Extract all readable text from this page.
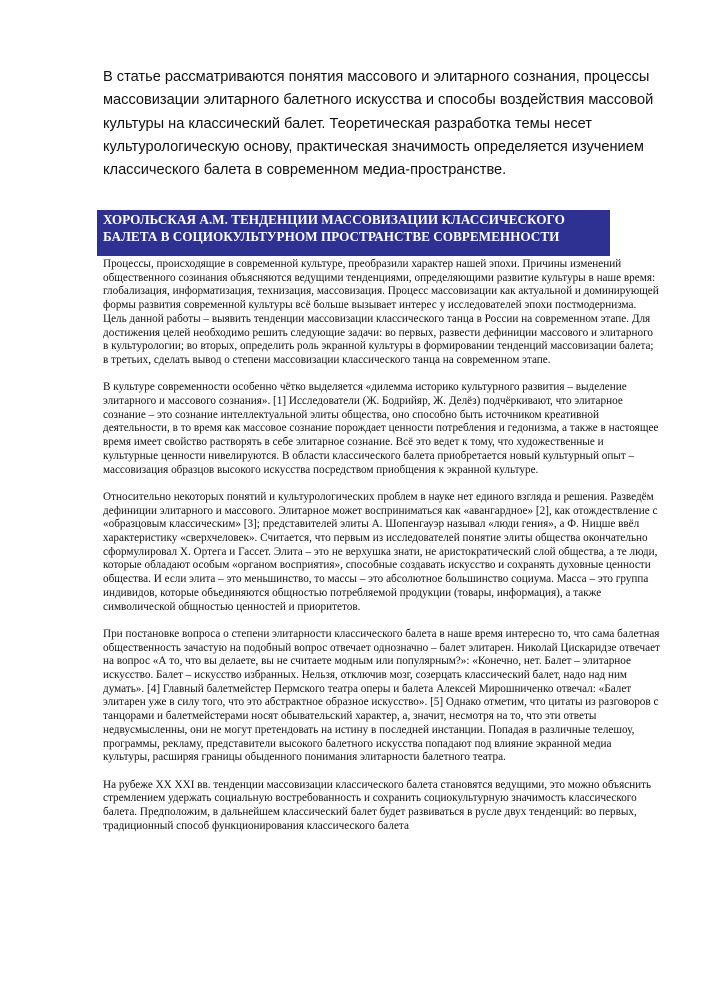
В статье рассматриваются понятия массового и элитарного сознания, процессы массовизации элитарного балетного искусства и способы воздействия массовой культуры на классический балет. Теоретическая разработка темы несет культурологическую основу, практическая значимость определяется изучением классического балета в современном медиа-пространстве.

ХОРОЛЬСКАЯ А.М. ТЕНДЕНЦИИ МАССОВИЗАЦИИ КЛАССИЧЕСКОГО БАЛЕТА В СОЦИОКУЛЬТУРНОМ ПРОСТРАНСТВЕ СОВРЕМЕННОСТИ

Процессы, происходящие в современной культуре, преобразили характер нашей эпохи. Причины изменений общественного созинания объясняются ведущими тенденциями, определяющими развитие культуры в наше время: глобализация, информатизация, технизация, массовизация. Процесс массовизации как актуальной и доминирующей формы развития современной культуры всё больше вызывает интерес у исследователей эпохи постмодернизма. Цель данной работы – выявить тенденции массовизации классического танца в России на современном этапе. Для достижения целей необходимо решить следующие задачи: во первых, развести дефиниции массового и элитарного в культурологии; во вторых, определить роль экранной культуры в формировании тенденций массовизации балета; в третьих, сделать вывод о степени массовизации классического танца на современном этапе.

В культуре современности особенно чётко выделяется «дилемма историко культурного развития – выделение элитарного и массового сознания». [1] Исследователи (Ж. Бодрийяр, Ж. Делёз) подчёркивают, что элитарное сознание – это сознание интеллектуальной элиты общества, оно способно быть источником креативной деятельности, в то время как массовое сознание порождает ценности потребления и гедонизма, а также в настоящее время имеет свойство растворять в себе элитарное сознание. Всё это ведет к тому, что художественные и культурные ценности нивелируются. В области классического балета приобретается новый культурный опыт – массовизация образцов высокого искусства посредством приобщения к экранной культуре.

Относительно некоторых понятий и культурологических проблем в науке нет единого взгляда и решения. Разведём дефиниции элитарного и массового. Элитарное может восприниматься как «авангардное» [2], как отождествление с «образцовым классическим» [3]; представителей элиты А. Шопенгауэр называл «люди гения», а Ф. Ницше ввёл характеристику «сверхчеловек». Считается, что первым из исследователей понятие элиты общества окончательно сформулировал Х. Ортега и Гассет. Элита – это не верхушка знати, не аристократический слой общества, а те люди, которые обладают особым «органом восприятия», способные создавать искусство и сохранять духовные ценности общества. И если элита – это меньшинство, то массы – это абсолютное большинство социума. Масса – это группа индивидов, которые объединяются общностью потребляемой продукции (товары, информация), а также символической общностью ценностей и приоритетов.

При постановке вопроса о степени элитарности классического балета в наше время интересно то, что сама балетная общественность зачастую на подобный вопрос отвечает однозначно – балет элитарен. Николай Цискаридзе отвечает на вопрос «А то, что вы делаете, вы не считаете модным или популярным?»: «Конечно, нет. Балет – элитарное искусство. Балет – искусство избранных. Нельзя, отключив мозг, созерцать классический балет, надо над ним думать». [4] Главный балетмейстер Пермского театра оперы и балета Алексей Мирошниченко отвечал: «Балет элитарен уже в силу того, что это абстрактное образное искусство». [5] Однако отметим, что цитаты из разговоров с танцорами и балетмейстерами носят обывательский характер, а, значит, несмотря на то, что эти ответы недвусмысленны, они не могут претендовать на истину в последней инстанции. Попадая в различные телешоу, программы, рекламу, представители высокого балетного искусства попадают под влияние экранной медиа культуры, расширяя границы обыденного понимания элитарности балетного театра.

На рубеже XX XXI вв. тенденции массовизации классического балета становятся ведущими, это можно объяснить стремлением удержать социальную востребованность и сохранить социокультурную значимость классического балета. Предположим, в дальнейшем классический балет будет развиваться в русле двух тенденций: во первых, традиционный способ функционирования классического балета
